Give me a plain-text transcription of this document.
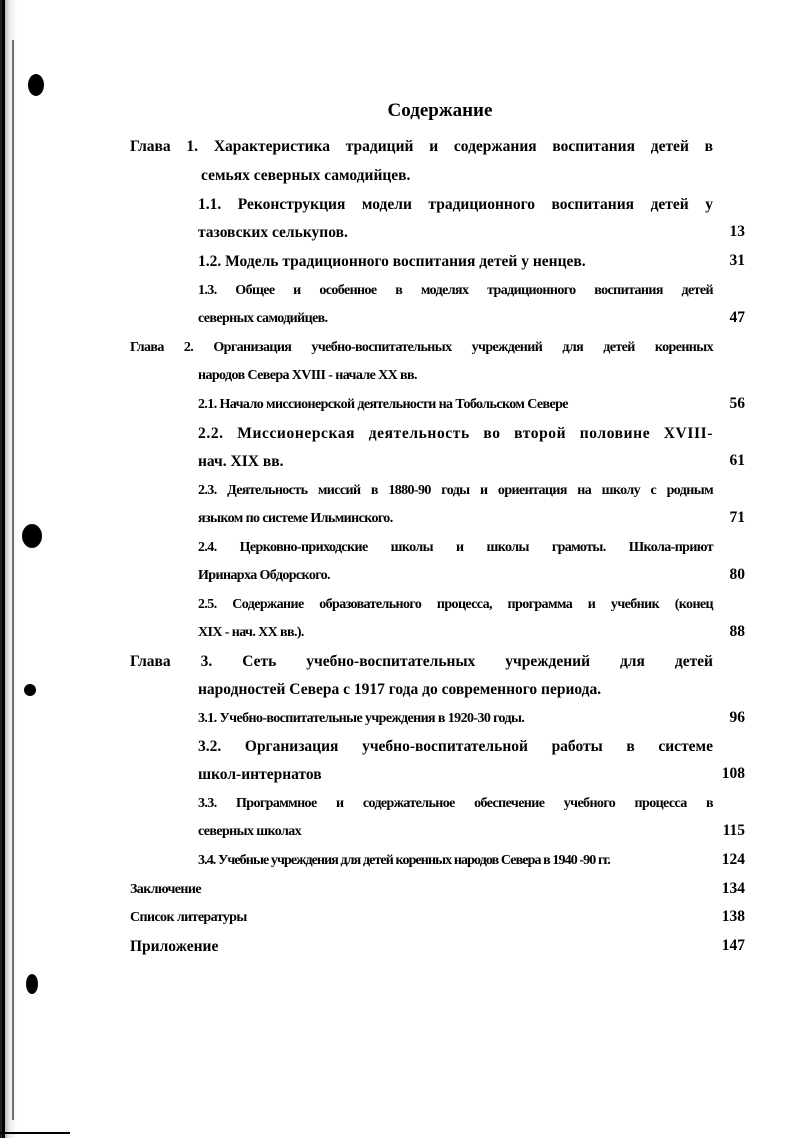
Содержание
Глава 1. Характеристика традиций и содержания воспитания детей в
семьях северных самодийцев.
1.1. Реконструкция модели традиционного воспитания детей у
тазовских селькупов.	13
1.2. Модель традиционного воспитания детей у ненцев.	31
1.3. Общее и особенное в моделях традиционного воспитания детей
северных самодийцев.	47
Глава 2. Организация учебно-воспитательных учреждений для детей коренных
народов Севера XVIII - начале XX вв.
2.1. Начало миссионерской деятельности на Тобольском Севере	56
2.2. Миссионерская деятельность во второй половине XVIII-
нач. XIX вв.	61
2.3. Деятельность миссий в 1880-90 годы и ориентация на школу с родным
языком по системе Ильминского.	71
2.4. Церковно-приходские школы и школы грамоты. Школа-приют
Иринарха Обдорского.	80
2.5. Содержание образовательного процесса, программа и учебник (конец
XIX - нач. XX вв.).	88
Глава 3. Сеть учебно-воспитательных учреждений для детей
народностей Севера с 1917 года до современного периода.
3.1. Учебно-воспитательные учреждения в 1920-30 годы.	96
3.2. Организация учебно-воспитательной работы в системе
школ-интернатов	108
3.3. Программное и содержательное обеспечение учебного процесса в
северных школах	115
3.4. Учебные учреждения для детей коренных народов Севера в 1940 -90 гг.	124
Заключение	134
Список литературы	138
Приложение	147
